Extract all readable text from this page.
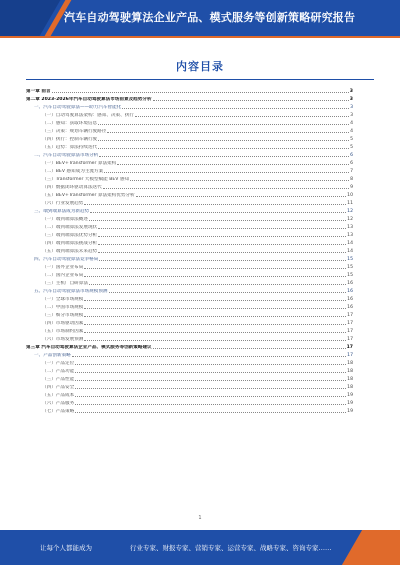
汽车自动驾驶算法企业产品、模式服务等创新策略研究报告
内容目录
第一章 前言	3
第二章 2023-2026年汽车自动驾驶算法市场前景及趋势分析	3
一、汽车自动驾驶算法——助力汽车智能化	3
（一）自动驾驶算法架构：感知、决策、执行	3
（二）感知：获取环境信息	4
（三）决策：规划车辆行驶路径	4
（四）执行：控制车辆行驶	5
（五）趋势：算法持续迭代	5
二、汽车自动驾驶算法市场分析	6
（一）BEV+Transformer 算法架构	6
（二）BEV 感知成为主流方案	7
（三）Transformer 大模型赋能 BEV 感知	8
（四）数据闭环驱动算法迭代	9
（五）BEV+Transformer 算法架构优势分析	10
（六）行业发展趋势	11
三、端到端算法成为新趋势	12
（一）端到端算法概述	12
（二）端到端算法发展现状	13
（三）端到端算法优势分析	13
（四）端到端算法挑战分析	14
（五）端到端算法未来趋势	14
四、汽车自动驾驶算法竞争格局	15
（一）国外企业布局	15
（二）国内企业布局	15
（三）主机厂自研算法	16
五、汽车自动驾驶算法市场规模预测	16
（一）全球市场规模	16
（二）中国市场规模	16
（三）细分市场规模	17
（四）市场驱动因素	17
（五）市场制约因素	17
（六）市场发展预测	17
第三章 汽车自动驾驶算法企业产品、模式服务等创新策略建议	17
一、产品创新策略	17
（一）产品定位	18
（二）产品功能	18
（三）产品性能	18
（四）产品安全	18
（五）产品成本	19
（六）产品服务	19
（七）产品策略	19
1
让每个人都能成为	行业专家、财报专家、营销专家、运营专家、战略专家、咨询专家……
